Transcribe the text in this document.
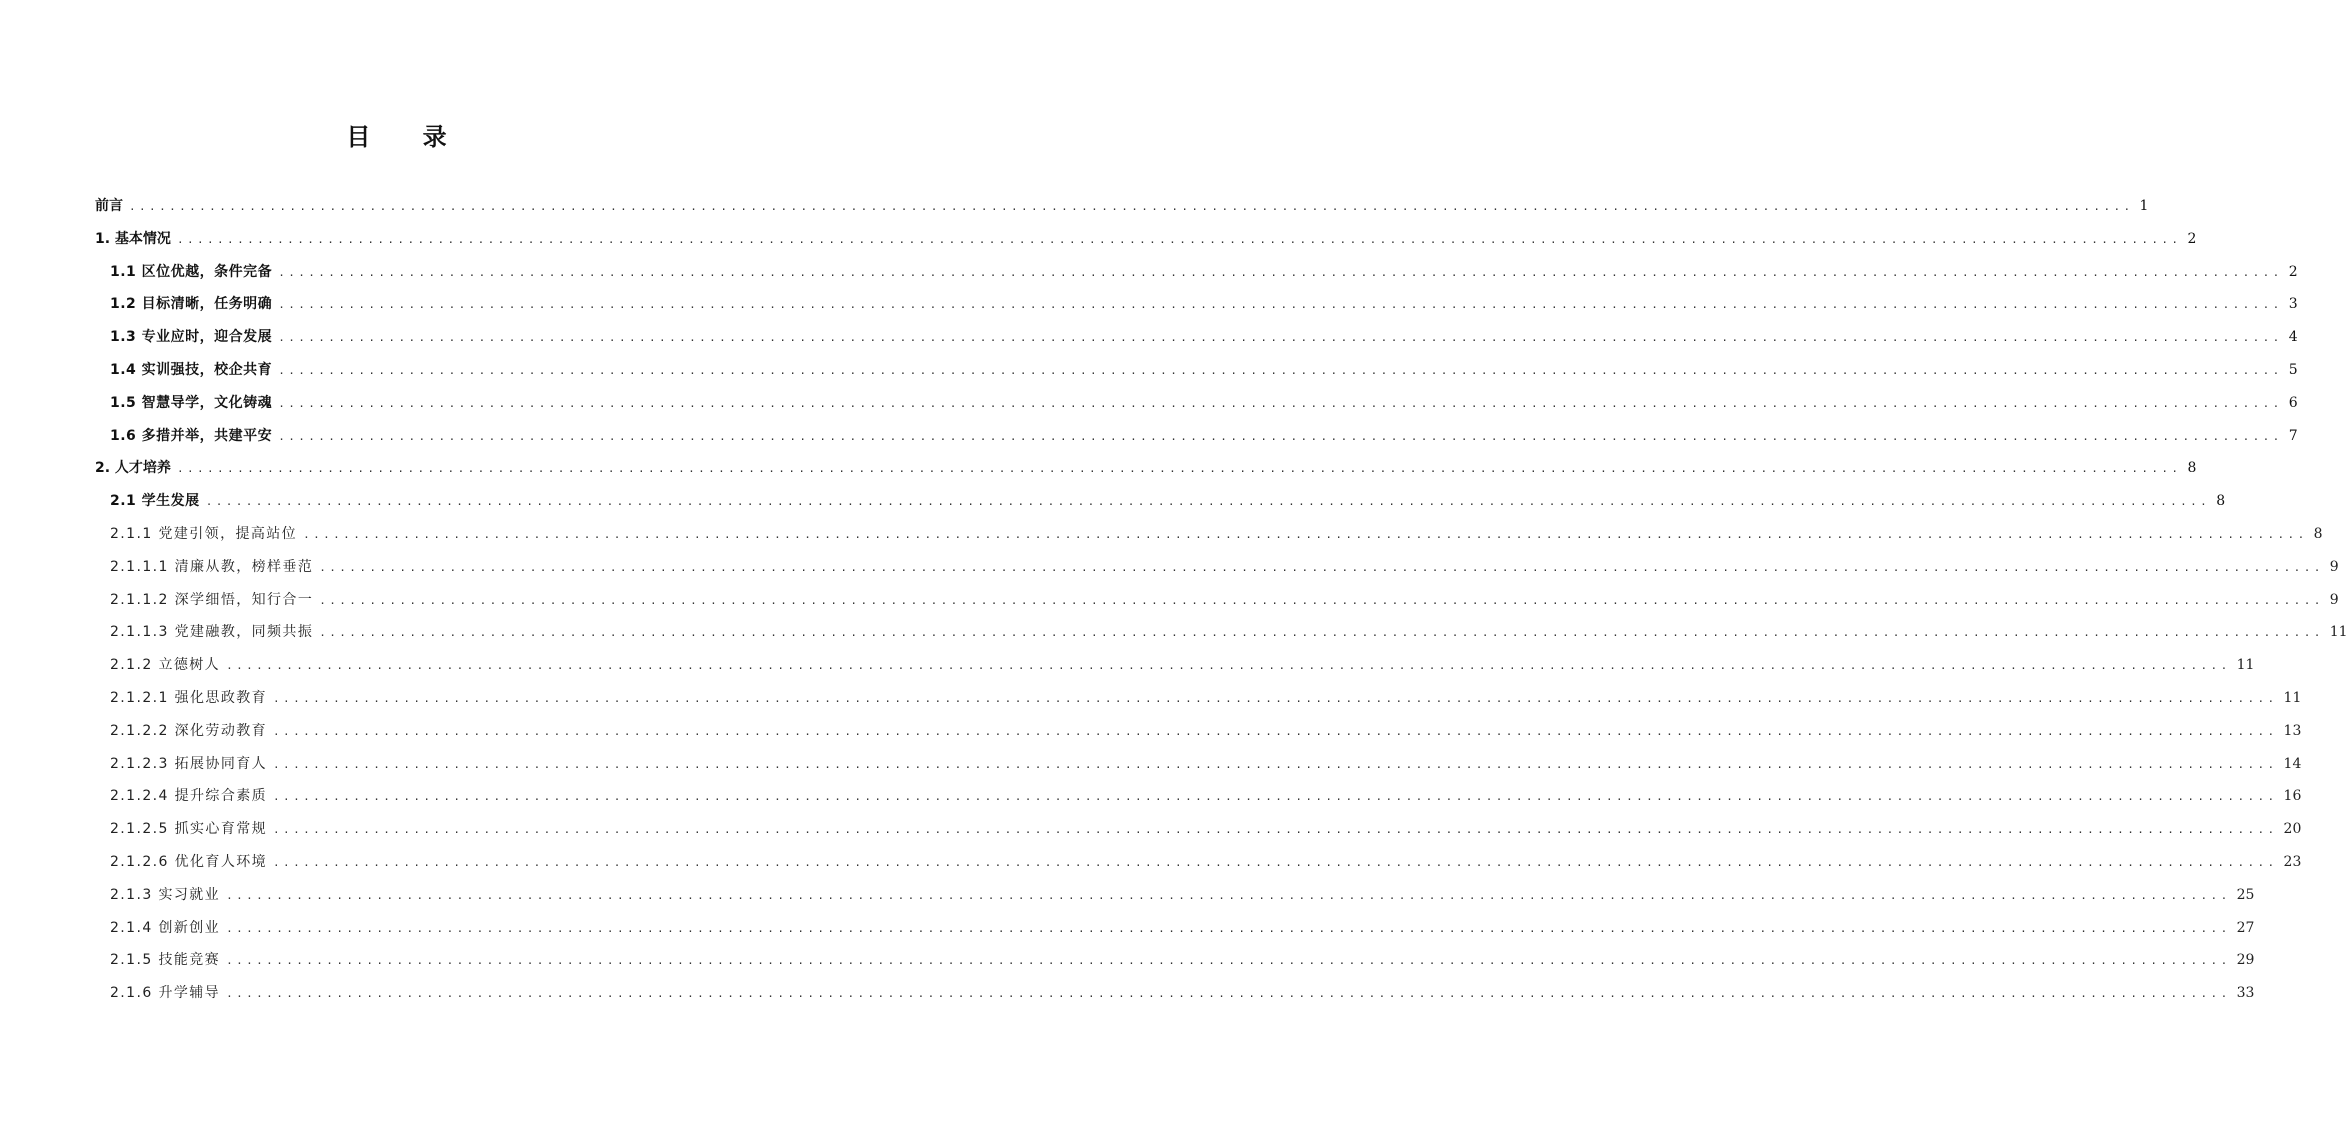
目 录
前言 ........................................................................................................................................................................................................ 1
1. 基本情况 ........................................................................................................................................................................................................ 2
1.1 区位优越，条件完备 ........................................................................................................................................................................................................ 2
1.2 目标清晰，任务明确 ........................................................................................................................................................................................................ 3
1.3 专业应时，迎合发展 ........................................................................................................................................................................................................ 4
1.4 实训强技，校企共育 ........................................................................................................................................................................................................ 5
1.5 智慧导学，文化铸魂 ........................................................................................................................................................................................................ 6
1.6 多措并举，共建平安 ........................................................................................................................................................................................................ 7
2. 人才培养 ........................................................................................................................................................................................................ 8
2.1 学生发展 ........................................................................................................................................................................................................ 8
2.1.1 党建引领，提高站位 ........................................................................................................................................................................................................ 8
2.1.1.1 清廉从教，榜样垂范 ........................................................................................................................................................................................................ 9
2.1.1.2 深学细悟，知行合一 ........................................................................................................................................................................................................ 9
2.1.1.3 党建融教，同频共振 ........................................................................................................................................................................................................ 11
2.1.2 立德树人 ........................................................................................................................................................................................................ 11
2.1.2.1 强化思政教育 ........................................................................................................................................................................................................ 11
2.1.2.2 深化劳动教育 ........................................................................................................................................................................................................ 13
2.1.2.3 拓展协同育人 ........................................................................................................................................................................................................ 14
2.1.2.4 提升综合素质 ........................................................................................................................................................................................................ 16
2.1.2.5 抓实心育常规 ........................................................................................................................................................................................................ 20
2.1.2.6 优化育人环境 ........................................................................................................................................................................................................ 23
2.1.3 实习就业 ........................................................................................................................................................................................................ 25
2.1.4 创新创业 ........................................................................................................................................................................................................ 27
2.1.5 技能竞赛 ........................................................................................................................................................................................................ 29
2.1.6 升学辅导 ........................................................................................................................................................................................................ 33
